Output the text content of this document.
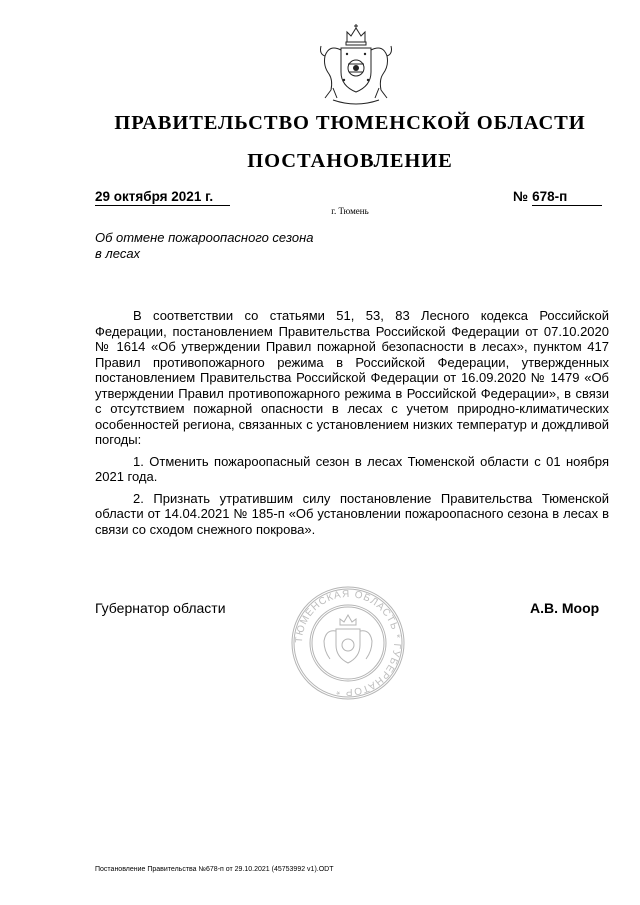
ПРАВИТЕЛЬСТВО ТЮМЕНСКОЙ ОБЛАСТИ
ПОСТАНОВЛЕНИЕ
29 октября 2021 г.	№ 678-п
г. Тюмень
Об отмене пожароопасного сезона в лесах

В соответствии со статьями 51, 53, 83 Лесного кодекса Российской Федерации, постановлением Правительства Российской Федерации от 07.10.2020 № 1614 «Об утверждении Правил пожарной безопасности в лесах», пунктом 417 Правил противопожарного режима в Российской Федерации, утвержденных постановлением Правительства Российской Федерации от 16.09.2020 № 1479 «Об утверждении Правил противопожарного режима в Российской Федерации», в связи с отсутствием пожарной опасности в лесах с учетом природно-климатических особенностей региона, связанных с установлением низких температур и дождливой погоды:

1. Отменить пожароопасный сезон в лесах Тюменской области с 01 ноября 2021 года.

2. Признать утратившим силу постановление Правительства Тюменской области от 14.04.2021 № 185-п «Об установлении пожароопасного сезона в лесах в связи со сходом снежного покрова».

ТЮМЕНСКАЯ ОБЛАСТЬ * ГУБЕРНАТОР *
Губернатор области	А.В. Моор
Постановление Правительства №678-п от 29.10.2021 (45753992 v1).ODT
